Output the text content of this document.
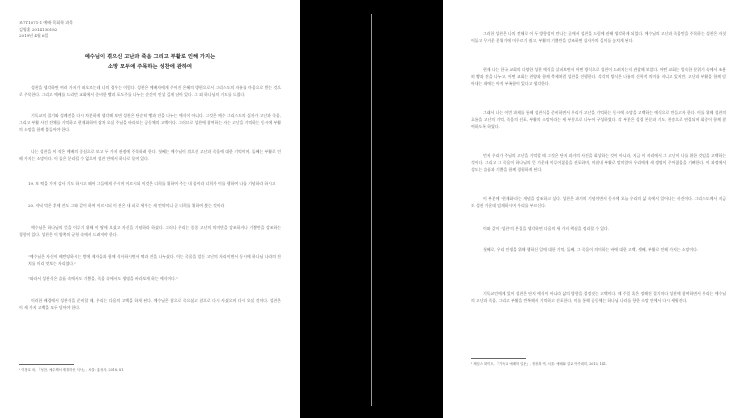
조7T1071-1 예배·목회학 과목
김영훈 2014130182
2019년 4월 6일
예수님이 겪으신 고난과 죽음 그리고 부활로 인해 가지는
소망 모두에 주목하는 성찬에 관하여
성찬을 생각하면 여러 가지가 떠오르는데 나의 경우는 이렇다. 성찬은 예배자에게 주어진 은혜의 방편으로서 그리스도의 자유를 마음으로 받는 것으로 주목한다. 그리고 예배를 드리던 교회에서 준비한 빵과 포도주를 나누는 순간이 인상 깊게 남아 있다. 그 외 하나님의 기도를 드렸다.
기독교의 절기와 성례전을 다시 차분하게 생각해 보면 성찬은 단순히 빵과 잔을 나누는 예식이 아니다. 그것은 예수 그리스도의 십자가 고난과 죽음, 그리고 부활 사건 전체를 기억하고 현재화하며 장차 오실 주님을 바라보는 공동체의 고백이다. 그러므로 성찬에 참여하는 자는 고난을 기억하는 동시에 부활의 소망을 함께 붙들어야 한다.
나는 성찬을 이 작은 예배의 중심으로 보고 두 가지 관점에 주목하려 한다. 첫째는 예수님이 겪으신 고난과 죽음에 대한 기억이며, 둘째는 부활로 인해 가지는 소망이다. 이 둘은 분리될 수 없으며 성찬 안에서 하나로 묶여 있다.
19. 또 떡을 가져 감사 기도 하시고 떼어 그들에게 주시며 이르시되 이것은 너희를 위하여 주는 내 몸이라 너희가 이를 행하여 나를 기념하라 하시고
20. 저녁 먹은 후에 잔도 그와 같이 하여 이르시되 이 잔은 내 피로 세우는 새 언약이니 곧 너희를 위하여 붓는 것이라
예수님은 하나님의 뜻을 이루기 위해 이 땅에 오셨고 자신을 기념하라 하셨다. 그러나 우리는 종종 고난의 의미만을 강조하거나 기쁨만을 강조하는 경향이 있다. 성찬은 이 양쪽의 균형 속에서 드려져야 한다.
"예수님은 자신이 배반당하시는 밤에 제자들과 함께 식사하시면서 떡과 잔을 나누셨다. 이는 죽음을 앞둔 고난의 자리이면서 동시에 하나님 나라의 잔치를 미리 맛보는 자리였다."
"따라서 성찬식은 슬픔 속에서도 기쁨을, 죽음 속에서도 생명을 바라보게 하는 예식이다."
이러한 배경에서 성찬식을 준비할 때, 우리는 다음의 고백을 하게 된다. 예수님은 참으로 죽으셨고 참으로 다시 사셨으며 다시 오실 것이다. 성찬은 이 세 가지 고백을 모두 담아야 한다.
¹ 이창호 외, 『성찬, 예수께서 제정하신 식사』, 서울: 홍성사, 2018, 81.
그러한 성찬은 나의 견해로 이 두 방향성이 만나는 곳에서 성찬을 드림에 관해 생각하게 되었다. 예수님의 고난과 죽음만을 주목하는 성찬은 자칫 어둡고 무거운 분위기에 머무르기 쉽고, 부활의 기쁨만을 강조하면 십자가의 깊이를 놓치게 된다.
현재 나는 한국 교회의 다양한 성찬 예식을 살펴보면서 어떤 방식으로 성찬이 드려지는지 관찰해 보았다. 어떤 교회는 엄숙한 분위기 속에서 조용히 빵과 잔을 나누고, 어떤 교회는 찬양과 함께 축제처럼 성찬을 진행한다. 각각의 방식은 나름의 신학적 의미를 지니고 있지만, 고난과 부활을 함께 담아내는 데에는 아직 부족함이 있다고 생각한다.
그래서 나는 이번 과제를 통해 성찬식을 준비하면서 우리가 고난을 기억하는 동시에 소망을 고백하는 예식으로 만들고자 한다. 이를 위해 성찬의 흐름을 고난의 기억, 죽음의 선포, 부활의 소망이라는 세 부분으로 나누어 구성하였다. 각 부분은 성경 본문과 기도, 찬송으로 연결되며 회중이 함께 참여하도록 하였다.
먼저 우리가 주님의 고난을 기억할 때 그것은 단지 과거의 사건을 회상하는 것이 아니라, 지금 이 자리에서 그 고난이 나를 위한 것임을 고백하는 것이다. 그리고 그 죽음이 하나님의 뜻 가운데 이루어졌음을 선포하며, 마침내 부활로 말미암아 우리에게 새 생명이 주어졌음을 기뻐한다. 이 과정에서 성도는 슬픔과 기쁨을 함께 경험하게 된다.
이 부분에 '현재화'라는 개념을 강조하고 싶다. 성찬은 과거의 기념이면서 동시에 오늘 우리의 삶 속에서 일어나는 사건이다. 그리스도께서 지금도 성찬 가운데 임재하시며 우리를 부르신다.
이와 같이 '성찬'의 본질을 생각하면 다음의 세 가지 핵심을 정리할 수 있다.
첫째로, 우리 인생을 위해 행하신 일에 대한 기억, 둘째, 그 죽음이 의미하는 바에 대한 고백, 셋째, 부활로 인해 가지는 소망이다.
기독교인에게 있어 성찬은 단지 예식이 아니라 삶의 방향을 결정짓는 고백이다. 매 주일 혹은 정해진 절기마다 성찬에 참여하면서 우리는 예수님의 고난과 죽음, 그리고 부활을 반복해서 기억하고 선포한다. 이를 통해 공동체는 하나님 나라를 향한 소망 안에서 다시 세워진다.
² 제임스 화이트, 『기독교 예배학 입문』, 정장복 역, 서울: 예배와 설교 아카데미, 2013, 141.
